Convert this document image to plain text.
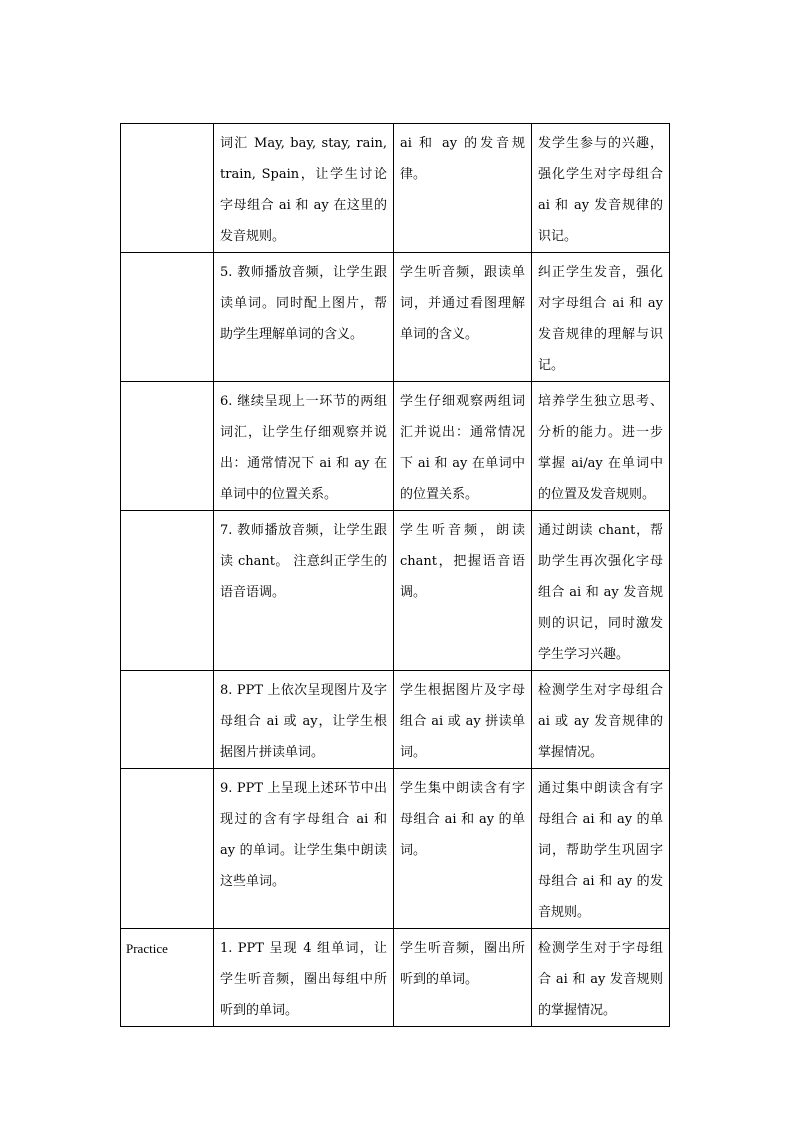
	词汇 May, bay, stay, rain, train, Spain，让学生讨论字母组合 ai 和 ay 在这里的发音规则。	ai 和 ay 的发音规律。	发学生参与的兴趣，强化学生对字母组合 ai 和 ay 发音规律的识记。
	5. 教师播放音频，让学生跟读单词。同时配上图片，帮助学生理解单词的含义。	学生听音频，跟读单词，并通过看图理解单词的含义。	纠正学生发音，强化对字母组合 ai 和 ay 发音规律的理解与识记。
	6. 继续呈现上一环节的两组词汇，让学生仔细观察并说出：通常情况下 ai 和 ay 在单词中的位置关系。	学生仔细观察两组词汇并说出：通常情况下 ai 和 ay 在单词中的位置关系。	培养学生独立思考、分析的能力。进一步掌握 ai/ay 在单词中的位置及发音规则。
	7. 教师播放音频，让学生跟读 chant。 注意纠正学生的语音语调。	学生听音频，朗读 chant，把握语音语调。	通过朗读 chant，帮助学生再次强化字母组合 ai 和 ay 发音规则的识记，同时激发学生学习兴趣。
	8. PPT 上依次呈现图片及字母组合 ai 或 ay，让学生根据图片拼读单词。	学生根据图片及字母组合 ai 或 ay 拼读单词。	检测学生对字母组合 ai 或 ay 发音规律的掌握情况。
	9. PPT 上呈现上述环节中出现过的含有字母组合 ai 和 ay 的单词。让学生集中朗读这些单词。	学生集中朗读含有字母组合 ai 和 ay 的单词。	通过集中朗读含有字母组合 ai 和 ay 的单词，帮助学生巩固字母组合 ai 和 ay 的发音规则。
Practice	1. PPT 呈现 4 组单词，让学生听音频，圈出每组中所听到的单词。	学生听音频，圈出所听到的单词。	检测学生对于字母组合 ai 和 ay 发音规则的掌握情况。
